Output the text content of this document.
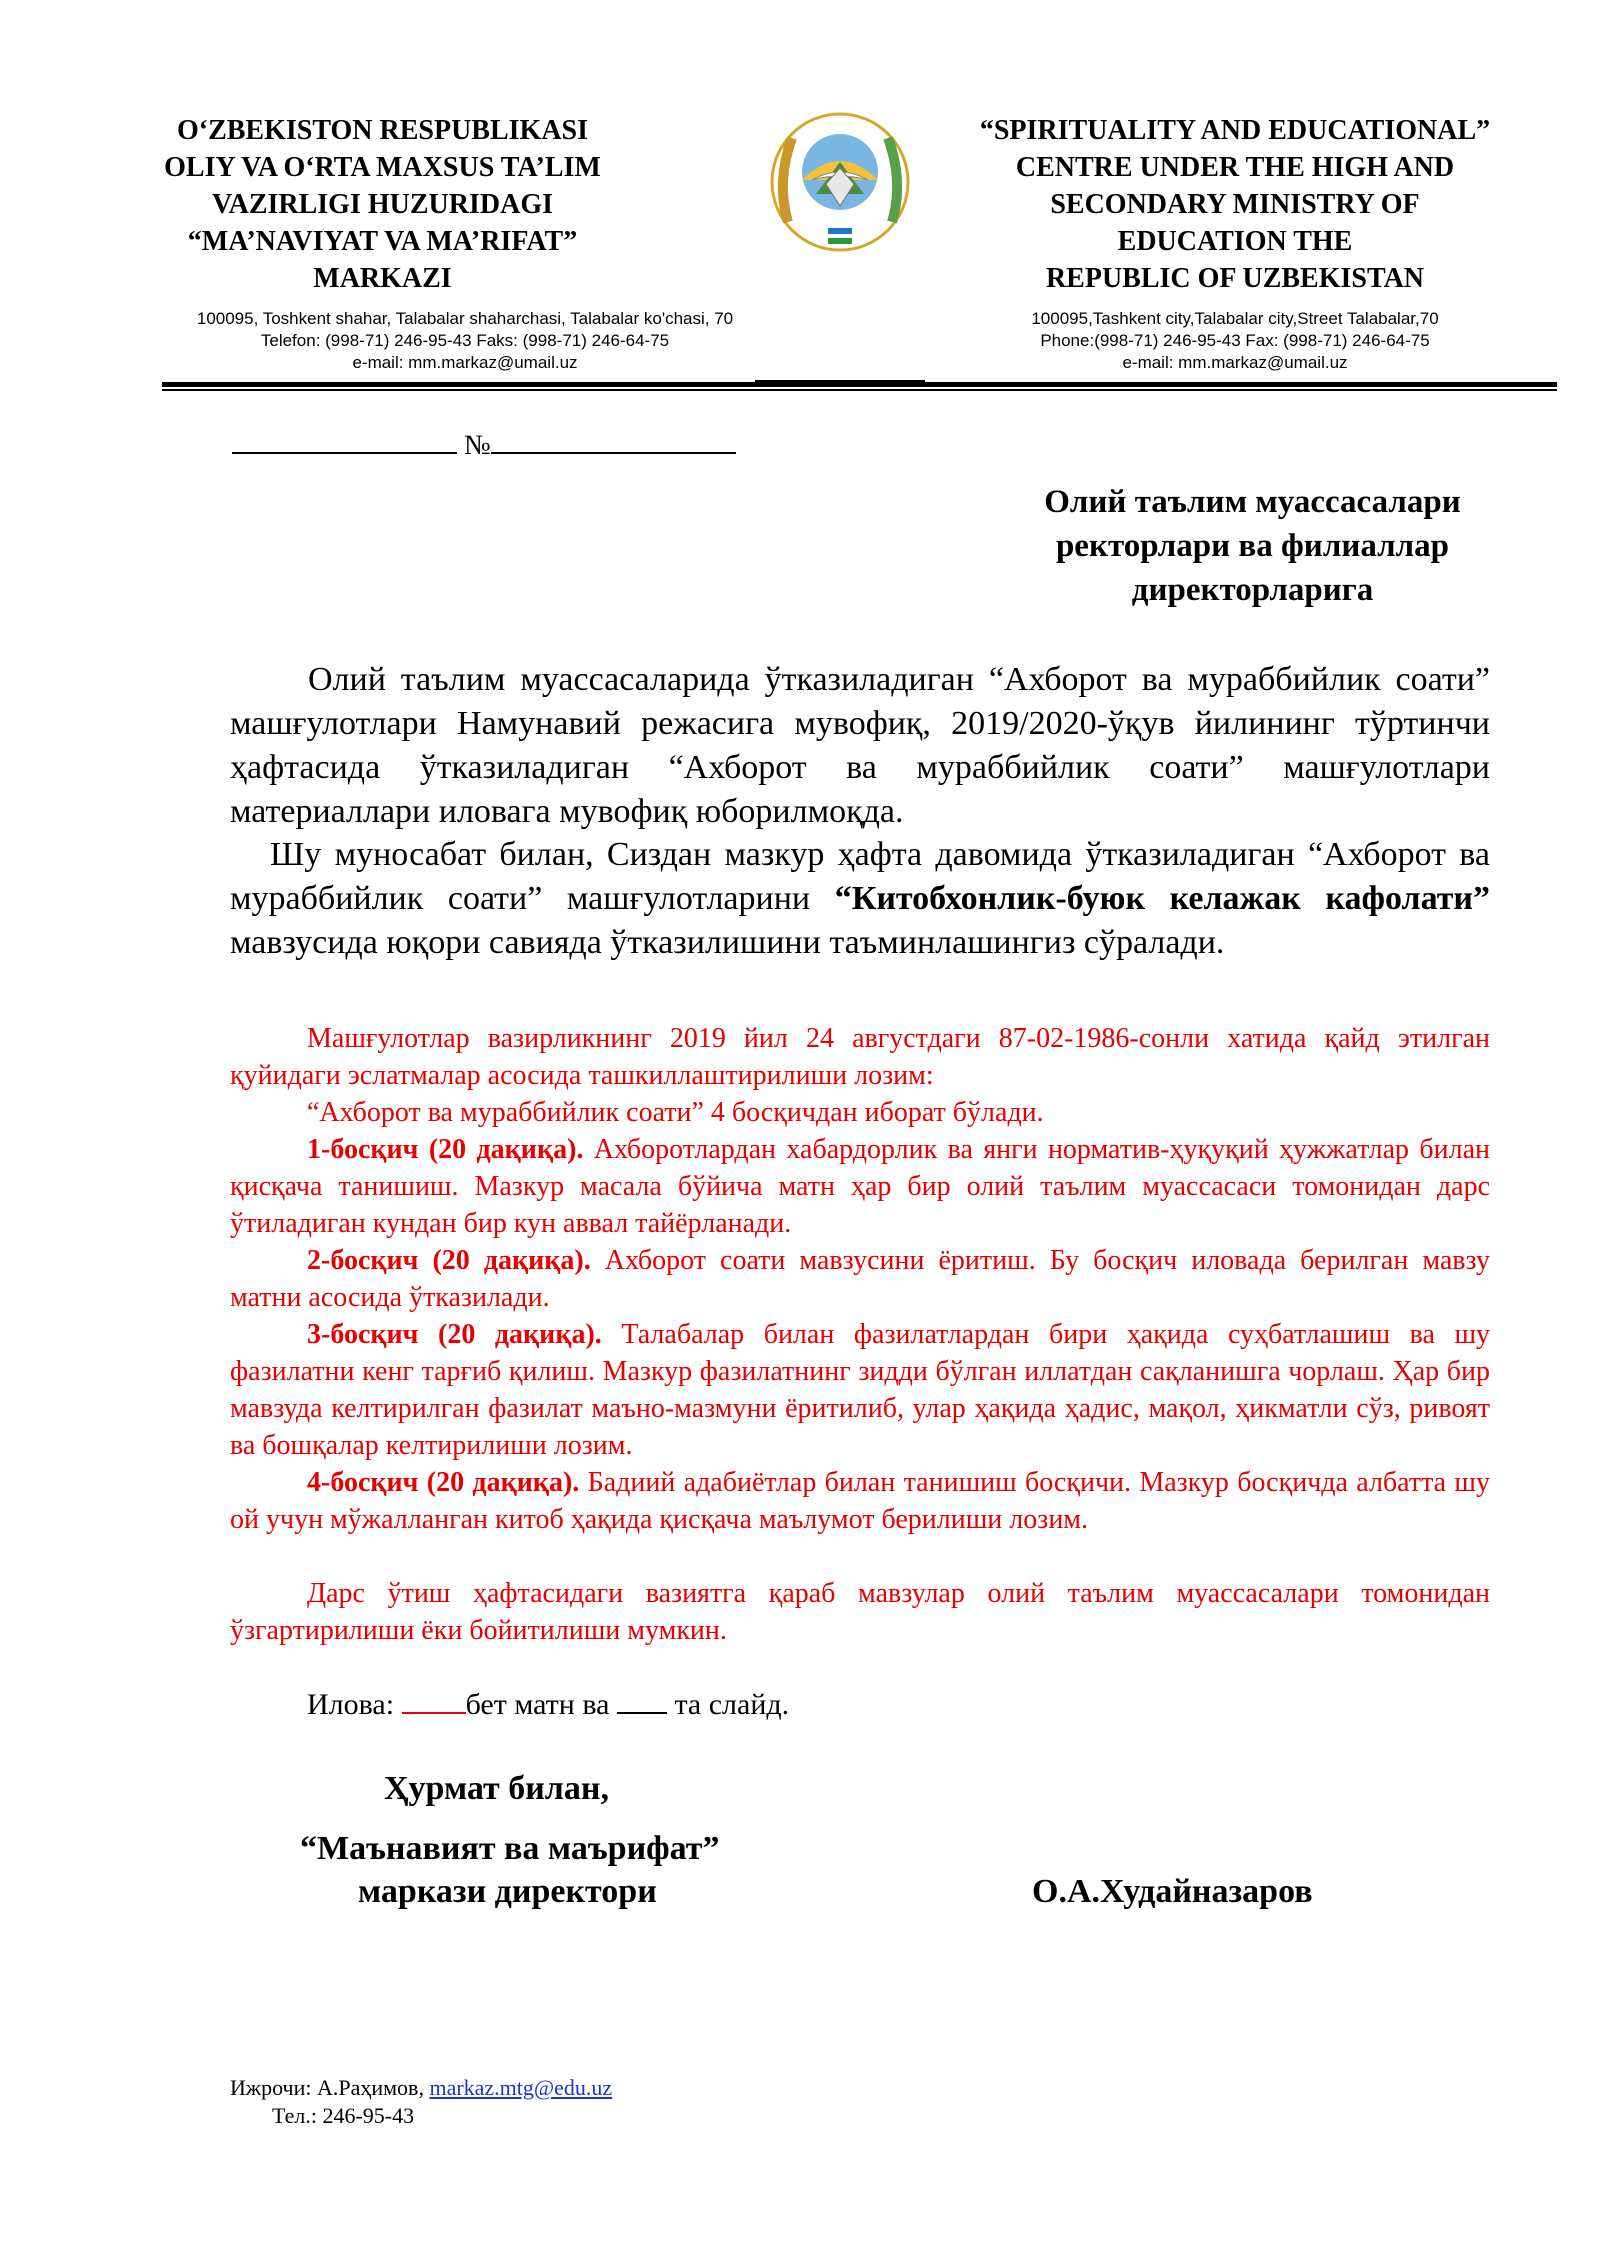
O‘ZBEKISTON RESPUBLIKASI
OLIY VA O‘RTA MAXSUS TA’LIM
VAZIRLIGI HUZURIDAGI
“MA’NAVIYAT VA MA’RIFAT”
MARKAZI
“SPIRITUALITY AND EDUCATIONAL”
CENTRE UNDER THE HIGH AND
SECONDARY MINISTRY OF
EDUCATION THE
REPUBLIC OF UZBEKISTAN
100095, Toshkent shahar, Talabalar shaharchasi, Talabalar ko'chasi, 70
Telefon: (998-71) 246-95-43 Faks: (998-71) 246-64-75
e-mail: mm.markaz@umail.uz
100095,Tashkent city,Talabalar city,Street Talabalar,70
Phone:(998-71) 246-95-43 Fax: (998-71) 246-64-75
e-mail: mm.markaz@umail.uz
№
Олий таълим муассасалари
ректорлари ва филиаллар
директорларига
Олий таълим муассасаларида ўтказиладиган “Ахборот ва мураббийлик соати” машғулотлари Намунавий режасига мувофиқ, 2019/2020-ўқув йилининг тўртинчи ҳафтасида ўтказиладиган “Ахборот ва мураббийлик соати” машғулотлари материаллари иловага мувофиқ юборилмоқда.
Шу муносабат билан, Сиздан мазкур ҳафта давомида ўтказиладиган “Ахборот ва мураббийлик соати” машғулотларини “Китобхонлик-буюк келажак кафолати” мавзусида юқори савияда ўтказилишини таъминлашингиз сўралади.
Машғулотлар вазирликнинг 2019 йил 24 августдаги 87-02-1986-сонли хатида қайд этилган қуйидаги эслатмалар асосида ташкиллаштирилиши лозим:
“Ахборот ва мураббийлик соати” 4 босқичдан иборат бўлади.
1-босқич (20 дақиқа). Ахборотлардан хабардорлик ва янги норматив-ҳуқуқий ҳужжатлар билан қисқача танишиш. Мазкур масала бўйича матн ҳар бир олий таълим муассасаси томонидан дарс ўтиладиган кундан бир кун аввал тайёрланади.
2-босқич (20 дақиқа). Ахборот соати мавзусини ёритиш. Бу босқич иловада берилган мавзу матни асосида ўтказилади.
3-босқич (20 дақиқа). Талабалар билан фазилатлардан бири ҳақида суҳбатлашиш ва шу фазилатни кенг тарғиб қилиш. Мазкур фазилатнинг зидди бўлган иллатдан сақланишга чорлаш. Ҳар бир мавзуда келтирилган фазилат маъно-мазмуни ёритилиб, улар ҳақида ҳадис, мақол, ҳикматли сўз, ривоят ва бошқалар келтирилиши лозим.
4-босқич (20 дақиқа). Бадиий адабиётлар билан танишиш босқичи. Мазкур босқичда албатта шу ой учун мўжалланган китоб ҳақида қисқача маълумот берилиши лозим.
Дарс ўтиш ҳафтасидаги вазиятга қараб мавзулар олий таълим муассасалари томонидан ўзгартирилиши ёки бойитилиши мумкин.
Илова: бет матн ва  та слайд.
Ҳурмат билан,
“Маънавият ва маърифат”
маркази директори	О.А.Худайназаров
Ижрочи: А.Раҳимов, markaz.mtg@edu.uz
Тел.: 246-95-43
